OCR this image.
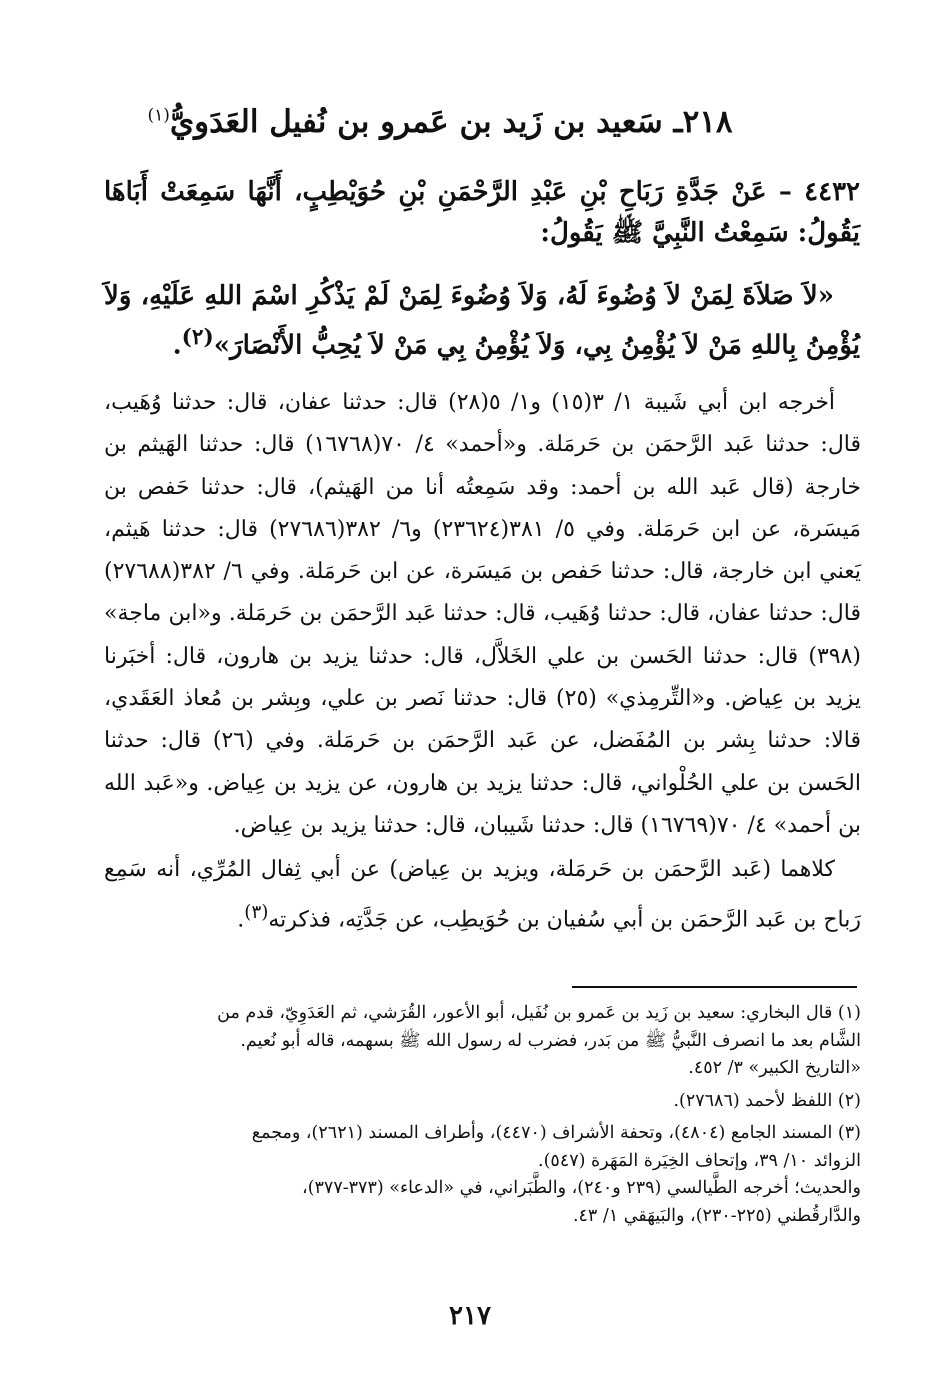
٢١٨ـ سَعيد بن زَيد بن عَمرو بن نُفيل العَدَويُّ$^{(١)}$

٤٤٣٢ – عَنْ جَدَّةِ رَبَاحِ بْنِ عَبْدِ الرَّحْمَنِ بْنِ حُوَيْطِبٍ، أَنَّهَا سَمِعَتْ أَبَاهَا يَقُولُ: سَمِعْتُ النَّبِيَّ ﷺ يَقُولُ:

«لاَ صَلاَةَ لِمَنْ لاَ وُضُوءَ لَهُ، وَلاَ وُضُوءَ لِمَنْ لَمْ يَذْكُرِ اسْمَ اللهِ عَلَيْهِ، وَلاَ يُؤْمِنُ بِاللهِ مَنْ لاَ يُؤْمِنُ بِي، وَلاَ يُؤْمِنُ بِي مَنْ لاَ يُحِبُّ الأَنْصَارَ»$^{(٢)}$.

أخرجه ابن أبي شَيبة ١/ ٣(١٥) و١/ ٥(٢٨) قال: حدثنا عفان، قال: حدثنا وُهَيب، قال: حدثنا عَبد الرَّحمَن بن حَرمَلة. و«أحمد» ٤/ ٧٠(١٦٧٦٨) قال: حدثنا الهَيثم بن خارجة (قال عَبد الله بن أحمد: وقد سَمِعتُه أنا من الهَيثم)، قال: حدثنا حَفص بن مَيسَرة، عن ابن حَرمَلة. وفي ٥/ ٣٨١(٢٣٦٢٤) و٦/ ٣٨٢(٢٧٦٨٦) قال: حدثنا هَيثم، يَعني ابن خارجة، قال: حدثنا حَفص بن مَيسَرة، عن ابن حَرمَلة. وفي ٦/ ٣٨٢(٢٧٦٨٨) قال: حدثنا عفان، قال: حدثنا وُهَيب، قال: حدثنا عَبد الرَّحمَن بن حَرمَلة. و«ابن ماجة» (٣٩٨) قال: حدثنا الحَسن بن علي الخَلاَّل، قال: حدثنا يزيد بن هارون، قال: أخبَرنا يزيد بن عِياض. و«التِّرمِذي» (٢٥) قال: حدثنا نَصر بن علي، وبِشر بن مُعاذ العَقَدي، قالا: حدثنا بِشر بن المُفَضل، عن عَبد الرَّحمَن بن حَرمَلة. وفي (٢٦) قال: حدثنا الحَسن بن علي الحُلْواني، قال: حدثنا يزيد بن هارون، عن يزيد بن عِياض. و«عَبد الله بن أحمد» ٤/ ٧٠(١٦٧٦٩) قال: حدثنا شَيبان، قال: حدثنا يزيد بن عِياض.

كلاهما (عَبد الرَّحمَن بن حَرمَلة، ويزيد بن عِياض) عن أبي ثِفال المُرِّي، أنه سَمِع رَباح بن عَبد الرَّحمَن بن أبي سُفيان بن حُوَيطِب، عن جَدَّتِه، فذكرته$^{(٣)}$.

(١) قال البخاري: سعيد بن زَيد بن عَمرو بن نُفَيل، أبو الأعور، القُرَشي، ثم العَدَوِيّ، قدم من
الشَّام بعد ما انصرف النَّبيُّ ﷺ من بَدر، فضرب له رسول الله ﷺ بسهمه، قاله أبو نُعيم.
«التاريخ الكبير» ٣/ ٤٥٢.
(٢) اللفظ لأحمد (٢٧٦٨٦).
(٣) المسند الجامع (٤٨٠٤)، وتحفة الأشراف (٤٤٧٠)، وأطراف المسند (٢٦٢١)، ومجمع
الزوائد ١٠/ ٣٩، وإتحاف الخِيَرة المَهَرة (٥٤٧).
والحديث؛ أخرجه الطَّيالسي (٢٣٩ و٢٤٠)، والطَّبَراني، في «الدعاء» (٣٧٣-٣٧٧)،
والدَّارقُطني (٢٢٥-٢٣٠)، والبَيهَقي ١/ ٤٣.
٢١٧
